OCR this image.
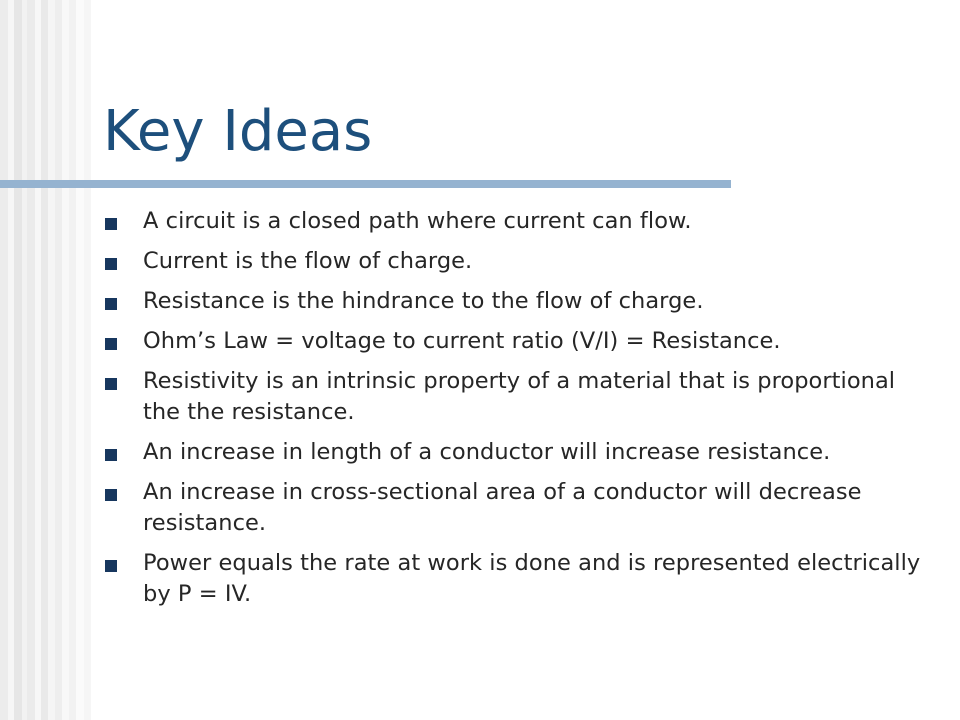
Key Ideas
A circuit is a closed path where current can flow.
Current is the flow of charge.
Resistance is the hindrance to the flow of charge.
Ohm’s Law = voltage to current ratio (V/I) = Resistance.
Resistivity is an intrinsic property of a material that is proportional the the resistance.
An increase in length of a conductor will increase resistance.
An increase in cross-sectional area of a conductor will decrease resistance.
Power equals the rate at work is done and is represented electrically by P = IV.
